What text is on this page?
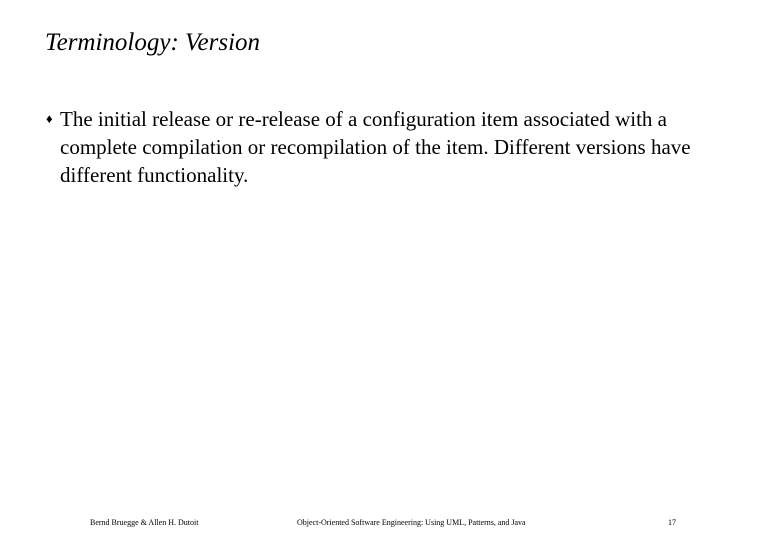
Terminology: Version
♦ The initial release or re-release of a configuration item associated with a complete compilation or recompilation of the item. Different versions have different functionality.
Bernd Bruegge & Allen H. Dutoit	Object-Oriented Software Engineering: Using UML, Patterns, and Java	17
